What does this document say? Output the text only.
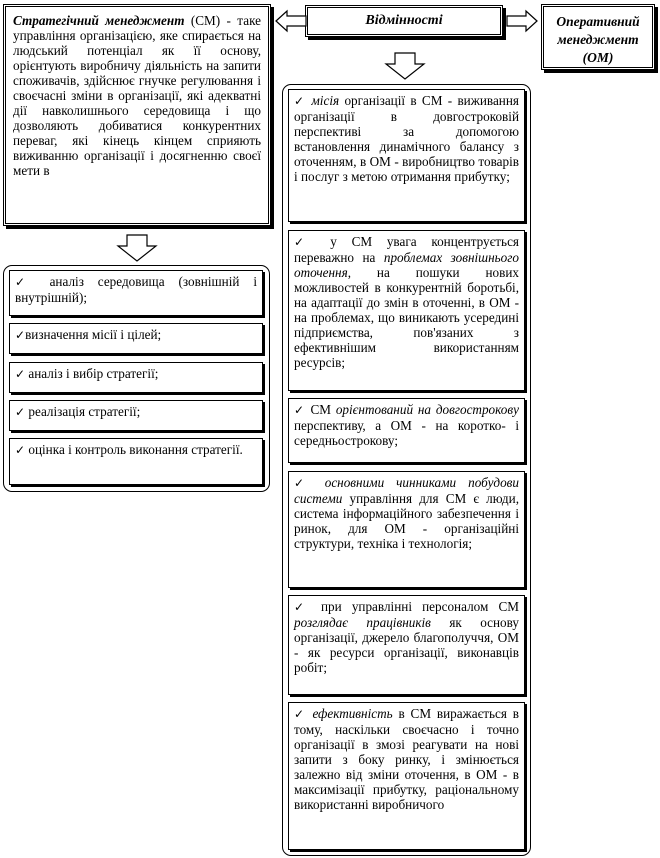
Стратегічний менеджмент (СМ) - таке управління організацією, яке спирається на людський потенціал як її основу, орієнтують виробничу діяльність на запити споживачів, здійснює гнучке регулювання і своєчасні зміни в організації, які адекватні дії навколишнього середовища і що дозволяють добиватися конкурентних переваг, які кінець кінцем сприяють виживанню організації і досягненню своєї мети в
Відмінності	Оперативний менеджмент (ОМ)
✓ аналіз середовища (зовнішній і внутрішній);
✓визначення місії і цілей;
✓ аналіз і вибір стратегії;
✓ реалізація стратегії;
✓ оцінка і контроль виконання стратегії.
✓ місія організації в СМ - виживання організації в довгостроковій перспективі за допомогою встановлення динамічного балансу з оточенням, в ОМ - виробництво товарів і послуг з метою отримання прибутку;
✓ у СМ увага концентрується переважно на проблемах зовнішнього оточення, на пошуки нових можливостей в конкурентній боротьбі, на адаптації до змін в оточенні, в ОМ - на проблемах, що виникають усередині підприємства, пов'язаних з ефективнішим використанням ресурсів;
✓ СМ орієнтований на довгострокову перспективу, а ОМ - на коротко- і середньострокову;
✓ основними чинниками побудови системи управління для СМ є люди, система інформаційного забезпечення і ринок, для ОМ - організаційні структури, техніка і технологія;
✓ при управлінні персоналом СМ розглядає працівників як основу організації, джерело благополуччя, ОМ - як ресурси організації, виконавців робіт;
✓ ефективність в СМ виражається в тому, наскільки своєчасно і точно організації в змозі реагувати на нові запити з боку ринку, і змінюється залежно від зміни оточення, в ОМ - в максимізації прибутку, раціональному використанні виробничого
